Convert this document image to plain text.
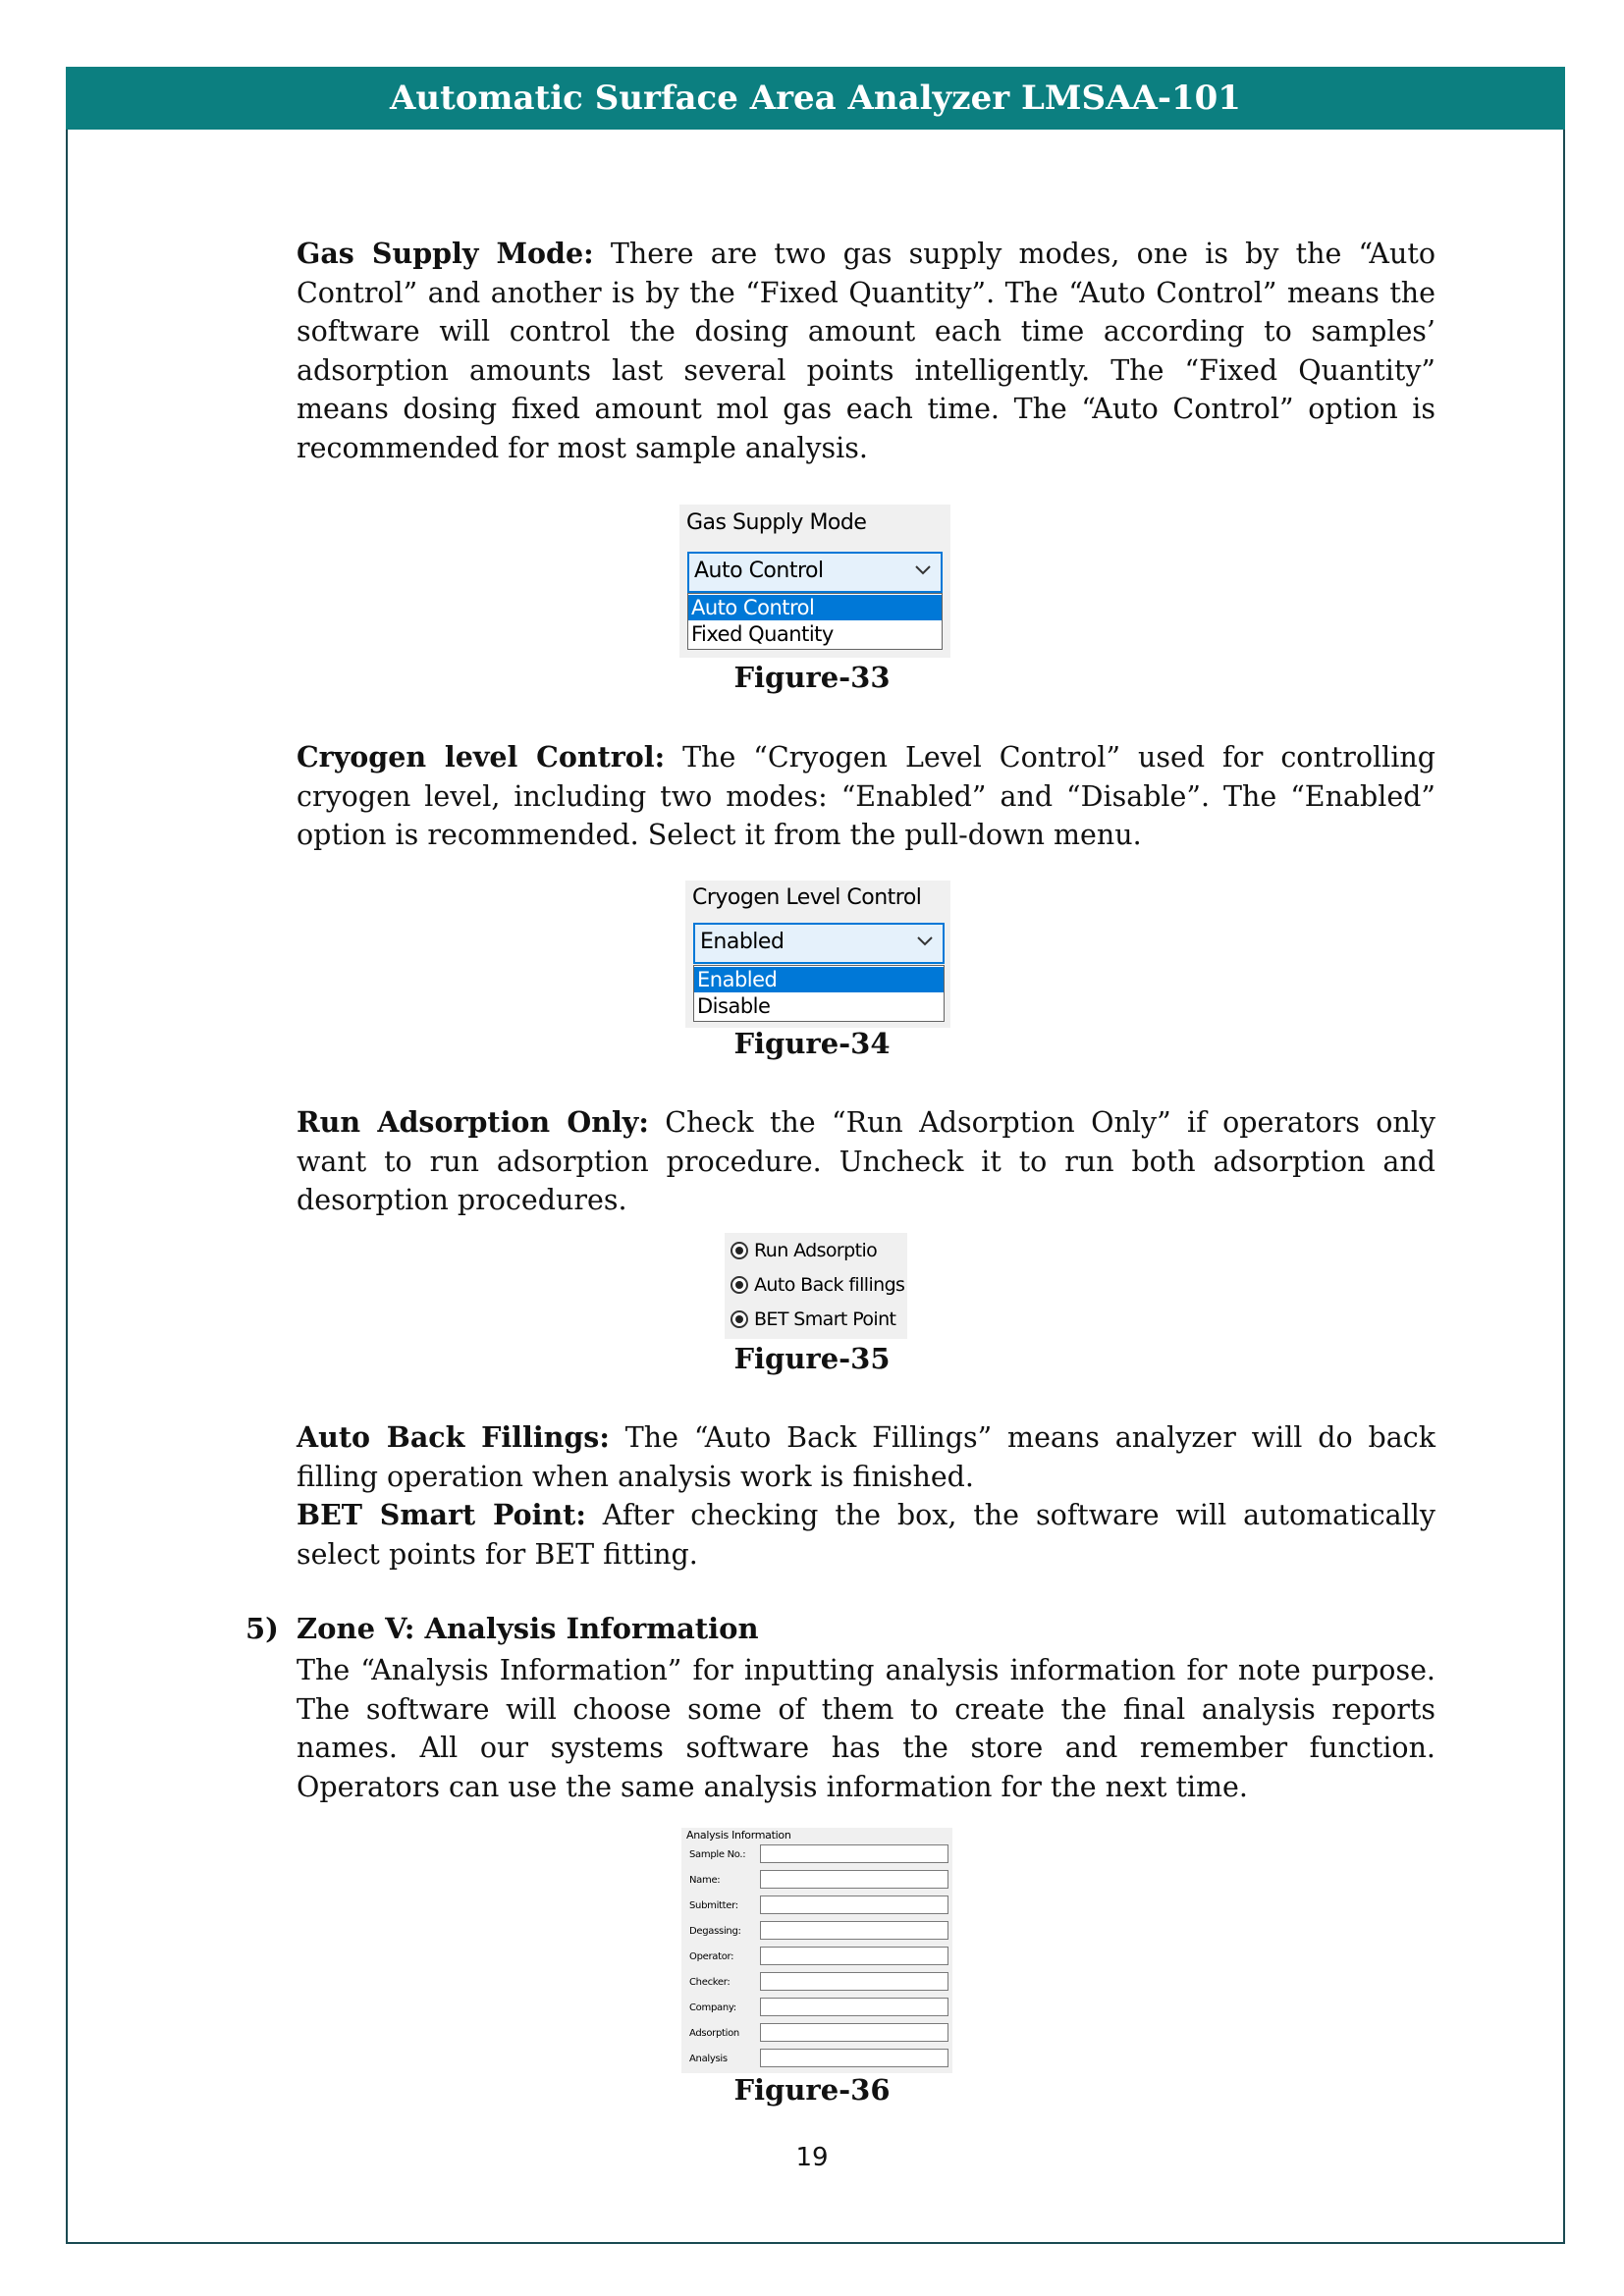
Automatic Surface Area Analyzer LMSAA-101
Gas Supply Mode: There are two gas supply modes, one is by the “Auto Control” and another is by the “Fixed Quantity”. The “Auto Control” means the software will control the dosing amount each time according to samples’ adsorption amounts last several points intelligently. The “Fixed Quantity” means dosing fixed amount mol gas each time. The “Auto Control” option is recommended for most sample analysis.
Gas Supply Mode
Auto Control
Auto Control
Fixed Quantity
Figure-33
Cryogen level Control: The “Cryogen Level Control” used for controlling cryogen level, including two modes: “Enabled” and “Disable”. The “Enabled” option is recommended. Select it from the pull-down menu.
Cryogen Level Control
Enabled
Enabled
Disable
Figure-34
Run Adsorption Only: Check the “Run Adsorption Only” if operators only want to run adsorption procedure. Uncheck it to run both adsorption and desorption procedures.
Run Adsorptio
Auto Back fillings
BET Smart Point
Figure-35
Auto Back Fillings: The “Auto Back Fillings” means analyzer will do back filling operation when analysis work is finished.
BET Smart Point: After checking the box, the software will automatically select points for BET fitting.
5) Zone V: Analysis Information
The “Analysis Information” for inputting analysis information for note purpose. The software will choose some of them to create the final analysis reports names. All our systems software has the store and remember function. Operators can use the same analysis information for the next time.
Analysis Information
Sample No.:
Name:
Submitter:
Degassing:
Operator:
Checker:
Company:
Adsorption
Analysis
Figure-36
19
